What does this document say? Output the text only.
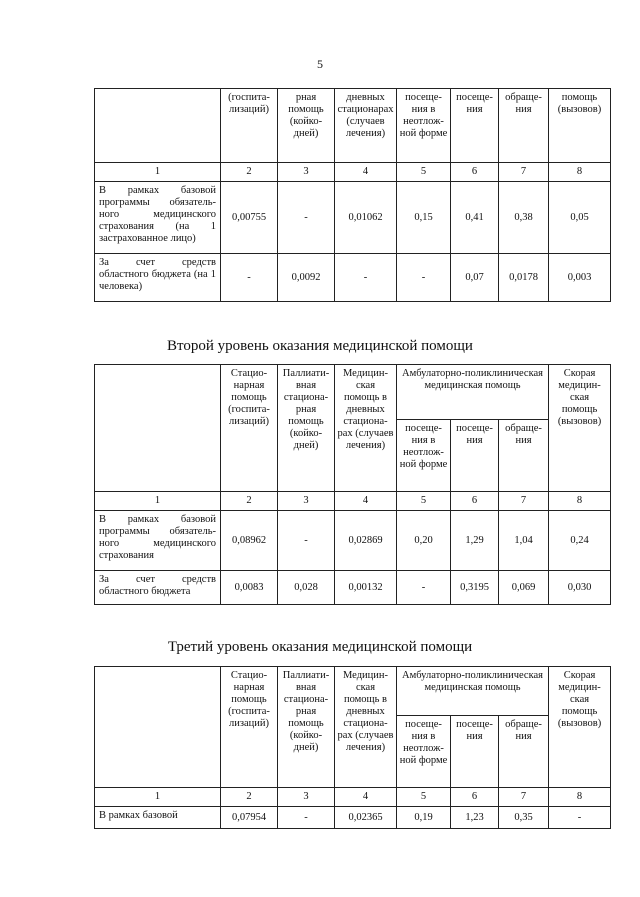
5
	(госпита-лизаций)	рная помощь (койко-дней)	дневных стационарах (случаев лечения)	посеще-ния в неотлож-ной форме	посеще-ния	обраще-ния	помощь (вызовов)
1	2	3	4	5	6	7	8
В рамках базовой программы обязатель-ного медицинского страхования (на 1 застрахованное лицо)	0,00755	-	0,01062	0,15	0,41	0,38	0,05
За счет средств областного бюджета (на 1 человека)	-	0,0092	-	-	0,07	0,0178	0,003
Второй уровень оказания медицинской помощи
	Стацио-нарная помощь (госпита-лизаций)	Паллиати-вная стациона-рная помощь (койко-дней)	Медицин-ская помощь в дневных стациона-рах (случаев лечения)	Амбулаторно-поликлиническая медицинская помощь			Скорая медицин-ская помощь (вызовов)
				посеще-ния в неотлож-ной форме	посеще-ния	обраще-ния	
1	2	3	4	5	6	7	8
В рамках базовой программы обязатель-ного медицинского страхования	0,08962	-	0,02869	0,20	1,29	1,04	0,24
За счет средств областного бюджета	0,0083	0,028	0,00132	-	0,3195	0,069	0,030
Третий уровень оказания медицинской помощи
	Стацио-нарная помощь (госпита-лизаций)	Паллиати-вная стациона-рная помощь (койко-дней)	Медицин-ская помощь в дневных стациона-рах (случаев лечения)	Амбулаторно-поликлиническая медицинская помощь			Скорая медицин-ская помощь (вызовов)
				посеще-ния в неотлож-ной форме	посеще-ния	обраще-ния	
1	2	3	4	5	6	7	8
В рамках базовой	0,07954	-	0,02365	0,19	1,23	0,35	-
